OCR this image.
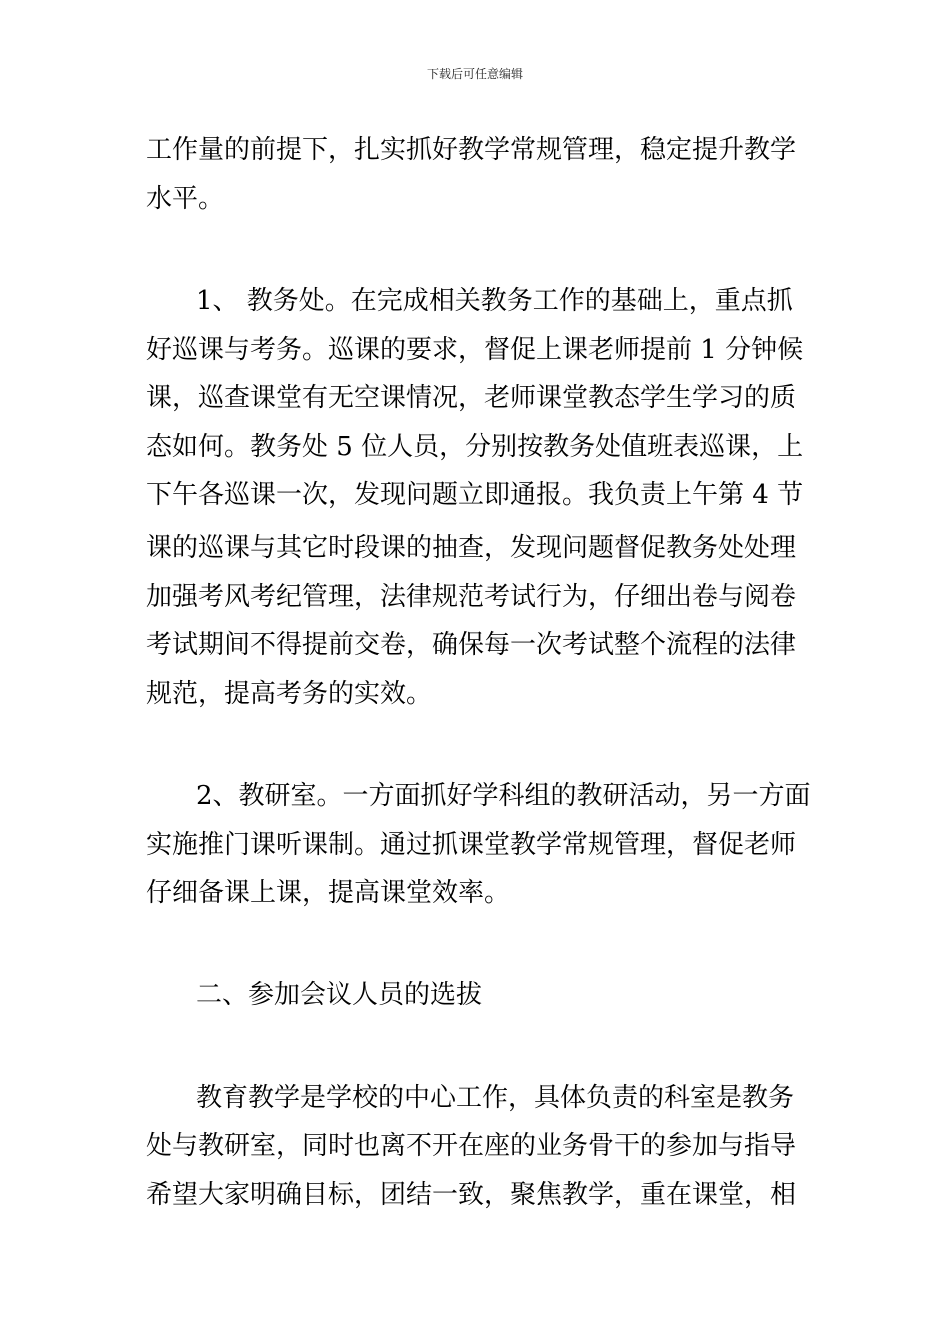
下载后可任意编辑
工作量的前提下，扎实抓好教学常规管理，稳定提升教学
水平。
1、 教务处。在完成相关教务工作的基础上，重点抓
好巡课与考务。巡课的要求，督促上课老师提前 1 分钟候
课，巡查课堂有无空课情况，老师课堂教态学生学习的质
态如何。教务处 5 位人员，分别按教务处值班表巡课，上
下午各巡课一次，发现问题立即通报。我负责上午第 4 节
课的巡课与其它时段课的抽查，发现问题督促教务处处理
加强考风考纪管理，法律规范考试行为，仔细出卷与阅卷
考试期间不得提前交卷，确保每一次考试整个流程的法律
规范，提高考务的实效。
2、教研室。一方面抓好学科组的教研活动，另一方面
实施推门课听课制。通过抓课堂教学常规管理，督促老师
仔细备课上课，提高课堂效率。
二、参加会议人员的选拔
教育教学是学校的中心工作，具体负责的科室是教务
处与教研室，同时也离不开在座的业务骨干的参加与指导
希望大家明确目标，团结一致，聚焦教学，重在课堂，相
